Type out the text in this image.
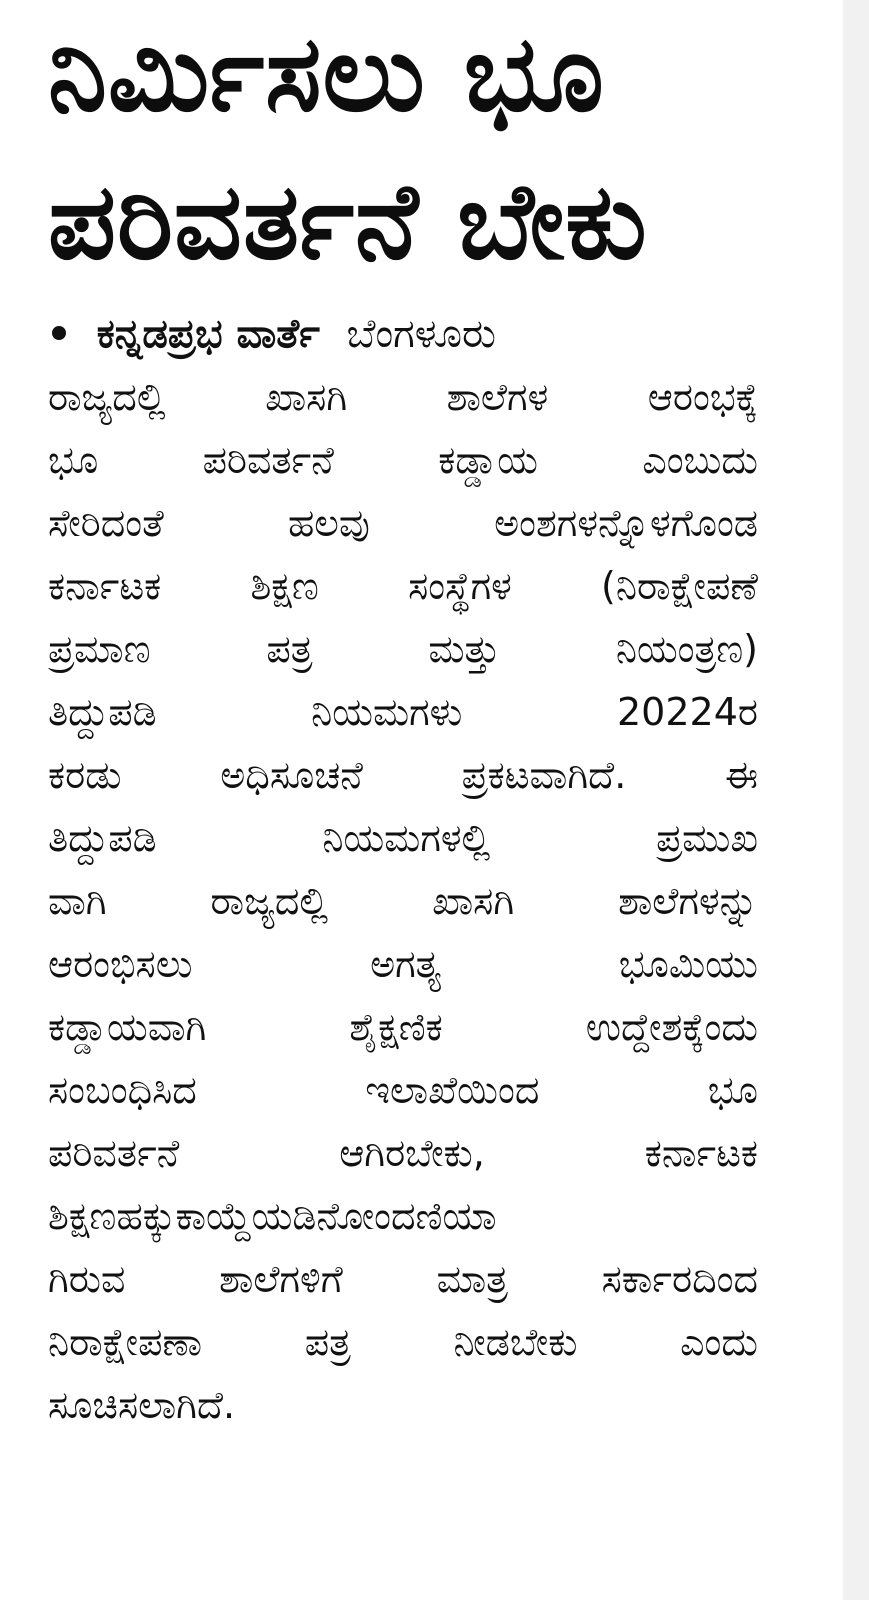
ನಿರ್ಮಿಸಲು ಭೂ
ಪರಿವರ್ತನೆ ಬೇಕು
ಕನ್ನಡಪ್ರಭ ವಾರ್ತೆ ಬೆಂಗಳೂರು

ರಾಜ್ಯದಲ್ಲಿ ಖಾಸಗಿ ಶಾಲೆಗಳ ಆರಂಭಕ್ಕೆ
ಭೂ ಪರಿವರ್ತನೆ ಕಡ್ಡಾಯ ಎಂಬುದು
ಸೇರಿದಂತೆ ಹಲವು ಅಂಶಗಳನ್ನೊಳಗೊಂಡ
ಕರ್ನಾಟಕ ಶಿಕ್ಷಣ ಸಂಸ್ಥೆಗಳ (ನಿರಾಕ್ಷೇಪಣೆ
ಪ್ರಮಾಣ ಪತ್ರ ಮತ್ತು ನಿಯಂತ್ರಣ)
ತಿದ್ದುಪಡಿ ನಿಯಮಗಳು 20224ರ
ಕರಡು ಅಧಿಸೂಚನೆ ಪ್ರಕಟವಾಗಿದೆ. ಈ
ತಿದ್ದುಪಡಿ ನಿಯಮಗಳಲ್ಲಿ ಪ್ರಮುಖ
ವಾಗಿ ರಾಜ್ಯದಲ್ಲಿ ಖಾಸಗಿ ಶಾಲೆಗಳನ್ನು
ಆರಂಭಿಸಲು ಅಗತ್ಯ ಭೂಮಿಯು
ಕಡ್ಡಾಯವಾಗಿ ಶೈಕ್ಷಣಿಕ ಉದ್ದೇಶಕ್ಕೆಂದು
ಸಂಬಂಧಿಸಿದ ಇಲಾಖೆಯಿಂದ ಭೂ
ಪರಿವರ್ತನೆ ಆಗಿರಬೇಕು, ಕರ್ನಾಟಕ
ಶಿಕ್ಷಣಹಕ್ಕುಕಾಯ್ದೆಯಡಿನೋಂದಣಿಯಾ
ಗಿರುವ ಶಾಲೆಗಳಿಗೆ ಮಾತ್ರ ಸರ್ಕಾರದಿಂದ
ನಿರಾಕ್ಷೇಪಣಾ ಪತ್ರ ನೀಡಬೇಕು ಎಂದು
ಸೂಚಿಸಲಾಗಿದೆ.
